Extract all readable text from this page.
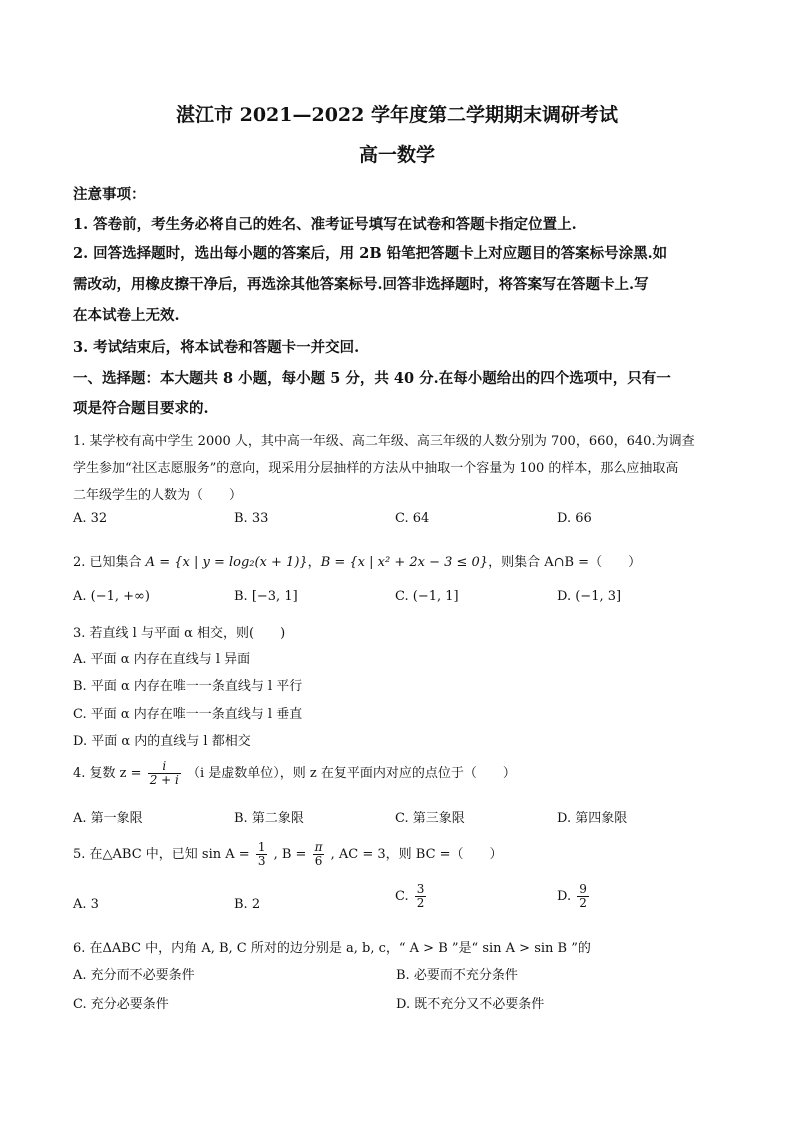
湛江市 2021—2022 学年度第二学期期末调研考试
高一数学
注意事项：
1. 答卷前，考生务必将自己的姓名、准考证号填写在试卷和答题卡指定位置上.
2. 回答选择题时，选出每小题的答案后，用 2B 铅笔把答题卡上对应题目的答案标号涂黑.如
需改动，用橡皮擦干净后，再选涂其他答案标号.回答非选择题时，将答案写在答题卡上.写
在本试卷上无效.
3. 考试结束后，将本试卷和答题卡一并交回.
一、选择题：本大题共 8 小题，每小题 5 分，共 40 分.在每小题给出的四个选项中，只有一
项是符合题目要求的.
1. 某学校有高中学生 2000 人，其中高一年级、高二年级、高三年级的人数分别为 700，660，640.为调查
学生参加“社区志愿服务”的意向，现采用分层抽样的方法从中抽取一个容量为 100 的样本，那么应抽取高
二年级学生的人数为（　　）
A. 32	B. 33	C. 64	D. 66
2. 已知集合 A = {x | y = log₂(x + 1)}，B = {x | x² + 2x − 3 ≤ 0}，则集合 A∩B =（　　）
A. (−1, +∞)	B. [−3, 1]	C. (−1, 1]	D. (−1, 3]
3. 若直线 l 与平面 α 相交，则(　　)
A. 平面 α 内存在直线与 l 异面
B. 平面 α 内存在唯一一条直线与 l 平行
C. 平面 α 内存在唯一一条直线与 l 垂直
D. 平面 α 内的直线与 l 都相交
4. 复数 $z = \frac{i}{2 + i} (i$ 是虚数单位），则 z 在复平面内对应的点位于（　　）
A. 第一象限	B. 第二象限	C. 第三象限	D. 第四象限
5. 在△ABC 中，已知 $\sin A = \frac{1}{3}$ , $B = \frac{\pi}{6}$ , AC = 3，则 BC =（　　）
A. 3	B. 2
C. $\frac{3}{2}$	D. $\frac{9}{2}$
6. 在ΔABC 中，内角 A, B, C 所对的边分别是 a, b, c，“ A > B ”是“ sin A > sin B ”的
A. 充分而不必要条件	B. 必要而不充分条件
C. 充分必要条件	D. 既不充分又不必要条件
